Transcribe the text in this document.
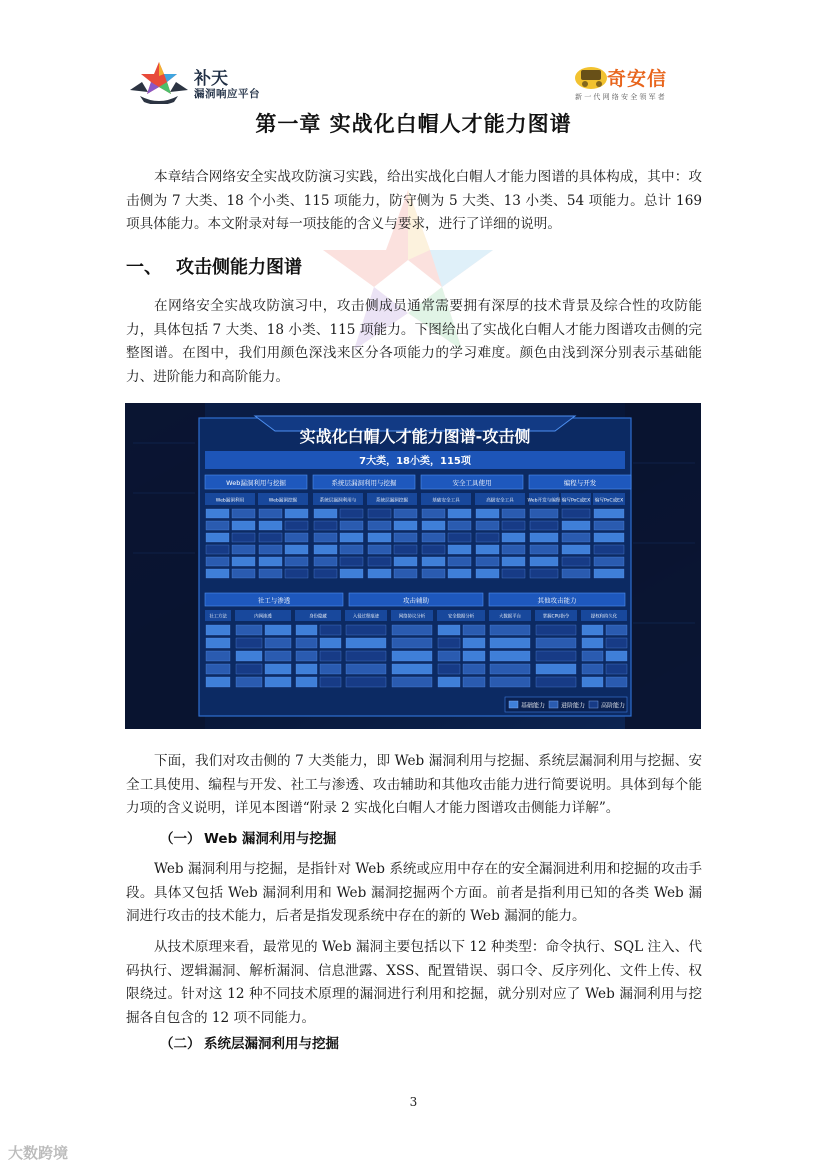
补天
漏洞响应平台
奇安信
新一代网络安全领军者
第一章 实战化白帽人才能力图谱

本章结合网络安全实战攻防演习实践，给出实战化白帽人才能力图谱的具体构成，其中：攻击侧为 7 大类、18 个小类、115 项能力，防守侧为 5 大类、13 小类、54 项能力。总计 169 项具体能力。本文附录对每一项技能的含义与要求，进行了详细的说明。

一、 攻击侧能力图谱

在网络安全实战攻防演习中，攻击侧成员通常需要拥有深厚的技术背景及综合性的攻防能力，具体包括 7 大类、18 小类、115 项能力。下图给出了实战化白帽人才能力图谱攻击侧的完整图谱。在图中，我们用颜色深浅来区分各项能力的学习难度。颜色由浅到深分别表示基础能力、进阶能力和高阶能力。

实战化白帽人才能力图谱-攻击侧
7大类，18小类，115项
Web漏洞利用与挖掘	系统层漏洞利用与挖掘	安全工具使用	编程与开发
Web漏洞利用	Web漏洞挖掘	系统层漏洞利用与	系统层漏洞挖掘	基础安全工具	高级安全工具	Web开发与编程 编写PoC或EX 编写PoC或EX
社工与渗透	攻击辅助	其他攻击能力
社工方法	内网渗透	身份隐藏	入侵过程痕迹	网络协议分析	安全数据分析	大数据平台	掌握CPU指令	提权和持久化
基础能力	进阶能力	高阶能力

下面，我们对攻击侧的 7 大类能力，即 Web 漏洞利用与挖掘、系统层漏洞利用与挖掘、安全工具使用、编程与开发、社工与渗透、攻击辅助和其他攻击能力进行简要说明。具体到每个能力项的含义说明，详见本图谱“附录 2 实战化白帽人才能力图谱攻击侧能力详解”。

（一） Web 漏洞利用与挖掘

Web 漏洞利用与挖掘，是指针对 Web 系统或应用中存在的安全漏洞进利用和挖掘的攻击手段。具体又包括 Web 漏洞利用和 Web 漏洞挖掘两个方面。前者是指利用已知的各类 Web 漏洞进行攻击的技术能力，后者是指发现系统中存在的新的 Web 漏洞的能力。

从技术原理来看，最常见的 Web 漏洞主要包括以下 12 种类型：命令执行、SQL 注入、代码执行、逻辑漏洞、解析漏洞、信息泄露、XSS、配置错误、弱口令、反序列化、文件上传、权限绕过。针对这 12 种不同技术原理的漏洞进行利用和挖掘，就分别对应了 Web 漏洞利用与挖掘各自包含的 12 项不同能力。

（二） 系统层漏洞利用与挖掘
3
大数跨境
